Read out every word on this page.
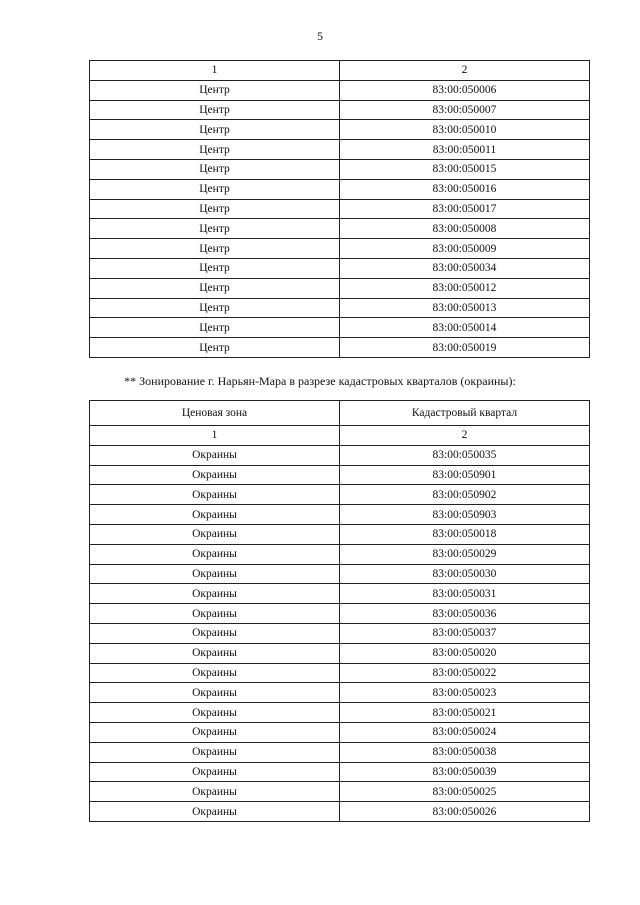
5
1	2
Центр	83:00:050006
Центр	83:00:050007
Центр	83:00:050010
Центр	83:00:050011
Центр	83:00:050015
Центр	83:00:050016
Центр	83:00:050017
Центр	83:00:050008
Центр	83:00:050009
Центр	83:00:050034
Центр	83:00:050012
Центр	83:00:050013
Центр	83:00:050014
Центр	83:00:050019
** Зонирование г. Нарьян-Мара в разрезе кадастровых кварталов (окраины):
Ценовая зона	Кадастровый квартал
1	2
Окраины	83:00:050035
Окраины	83:00:050901
Окраины	83:00:050902
Окраины	83:00:050903
Окраины	83:00:050018
Окраины	83:00:050029
Окраины	83:00:050030
Окраины	83:00:050031
Окраины	83:00:050036
Окраины	83:00:050037
Окраины	83:00:050020
Окраины	83:00:050022
Окраины	83:00:050023
Окраины	83:00:050021
Окраины	83:00:050024
Окраины	83:00:050038
Окраины	83:00:050039
Окраины	83:00:050025
Окраины	83:00:050026
